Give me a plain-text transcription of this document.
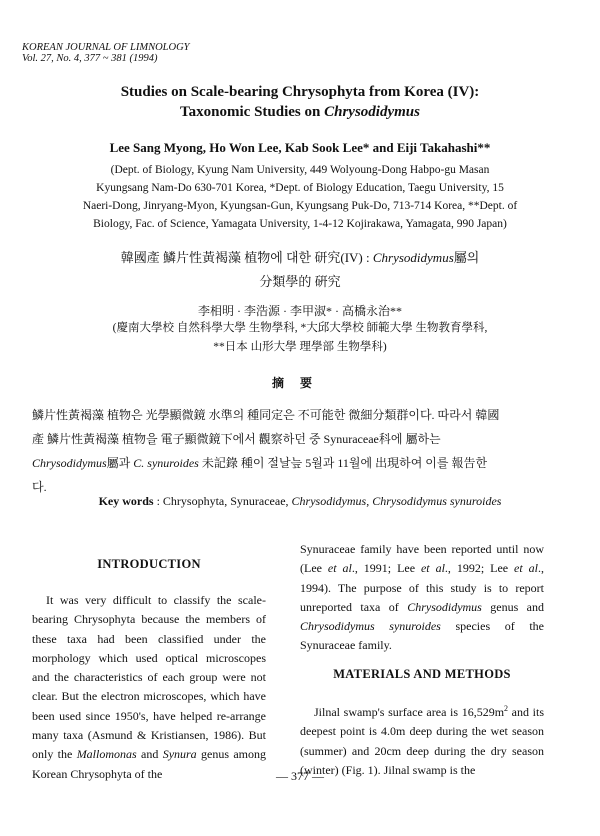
KOREAN JOURNAL OF LIMNOLOGY
Vol. 27, No. 4, 377 ~ 381 (1994)
Studies on Scale-bearing Chrysophyta from Korea (IV):
Taxonomic Studies on Chrysodidymus
Lee Sang Myong, Ho Won Lee, Kab Sook Lee* and Eiji Takahashi**
(Dept. of Biology, Kyung Nam University, 449 Wolyoung-Dong Habpo-gu Masan
Kyungsang Nam-Do 630-701 Korea, *Dept. of Biology Education, Taegu University, 15
Naeri-Dong, Jinryang-Myon, Kyungsan-Gun, Kyungsang Puk-Do, 713-714 Korea, **Dept. of
Biology, Fac. of Science, Yamagata University, 1-4-12 Kojirakawa, Yamagata, 990 Japan)
韓國產 鱗片性黃褐藻 植物에 대한 研究(IV) : Chrysodidymus屬의
分類學的 硏究
李相明 · 李浩源 · 李甲淑* · 高橋永治**
(慶南大學校 自然科學大學 生物學科, *大邱大學校 師範大學 生物教育學科,
**日本 山形大學 理學部 生物學科)
摘要
鱗片性黃褐藻 植物은 光學顯微鏡 水準의 種同定은 不可能한 微細分類群이다. 따라서 韓國
產 鱗片性黃褐藻 植物을 電子顯微鏡下에서 觀察하던 중 Synuraceae科에 屬하는
Chrysodidymus屬과 C. synuroides 未記錄 種이 절날늪 5월과 11월에 出現하여 이를 報告한
다.
Key words : Chrysophyta, Synuraceae, Chrysodidymus, Chrysodidymus synuroides
INTRODUCTION
It was very difficult to classify the scale-bearing Chrysophyta because the members of these taxa had been classified under the morphology which used optical microscopes and the characteristics of each group were not clear. But the electron microscopes, which have been used since 1950's, have helped re-arrange many taxa (Asmund & Kristiansen, 1986). But only the Mallomonas and Synura genus among Korean Chrysophyta of the
Synuraceae family have been reported until now (Lee et al., 1991; Lee et al., 1992; Lee et al., 1994). The purpose of this study is to report unreported taxa of Chrysodidymus genus and Chrysodidymus synuroides species of the Synuraceae family.
MATERIALS AND METHODS
Jilnal swamp's surface area is $16,529m^2$ and its deepest point is 4.0m deep during the wet season (summer) and 20cm deep during the dry season (winter) (Fig. 1). Jilnal swamp is the
— 377 —
